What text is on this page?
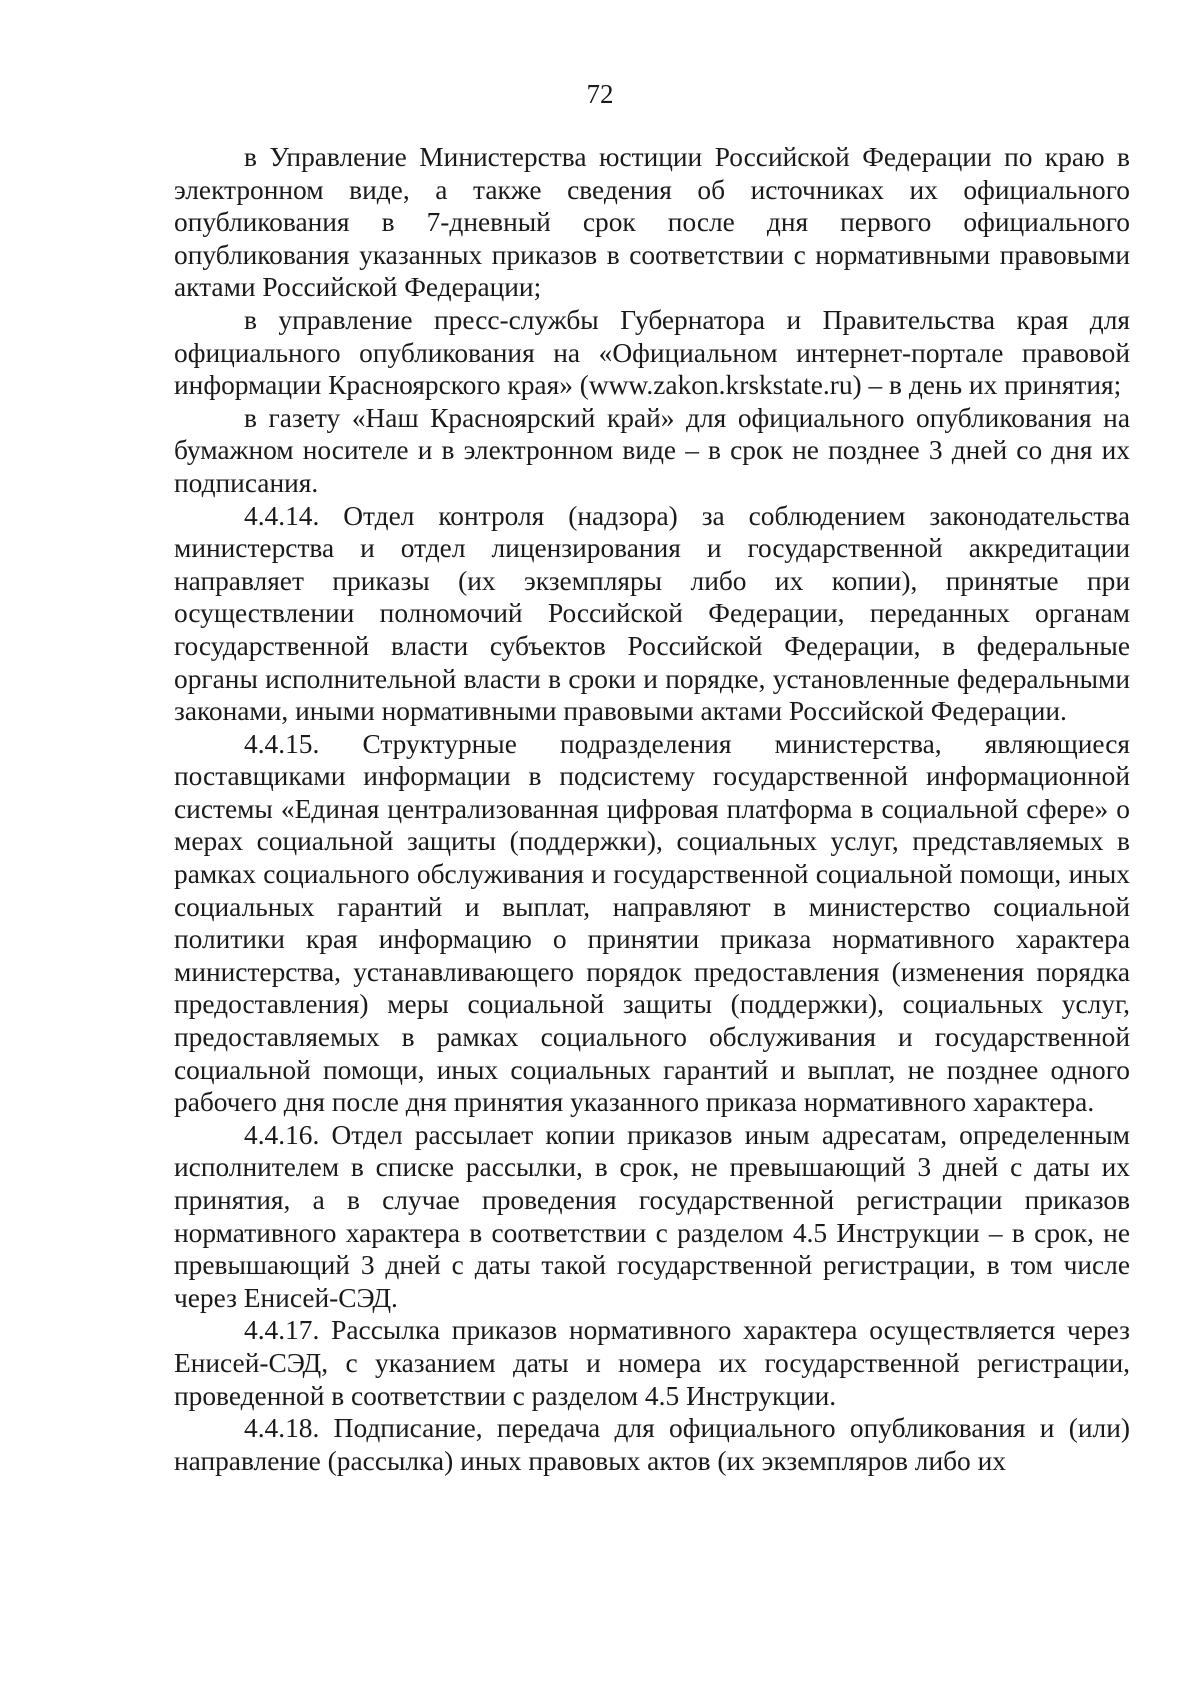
72

в Управление Министерства юстиции Российской Федерации по краю в электронном виде, а также сведения об источниках их официального опубликования в 7-дневный срок после дня первого официального опубликования указанных приказов в соответствии с нормативными правовыми актами Российской Федерации;

в управление пресс-службы Губернатора и Правительства края для официального опубликования на «Официальном интернет-портале правовой информации Красноярского края» (www.zakon.krskstate.ru) – в день их принятия;

в газету «Наш Красноярский край» для официального опубликования на бумажном носителе и в электронном виде – в срок не позднее 3 дней со дня их подписания.

4.4.14. Отдел контроля (надзора) за соблюдением законодательства министерства и отдел лицензирования и государственной аккредитации направляет приказы (их экземпляры либо их копии), принятые при осуществлении полномочий Российской Федерации, переданных органам государственной власти субъектов Российской Федерации, в федеральные органы исполнительной власти в сроки и порядке, установленные федеральными законами, иными нормативными правовыми актами Российской Федерации.

4.4.15. Структурные подразделения министерства, являющиеся поставщиками информации в подсистему государственной информационной системы «Единая централизованная цифровая платформа в социальной сфере» о мерах социальной защиты (поддержки), социальных услуг, представляемых в рамках социального обслуживания и государственной социальной помощи, иных социальных гарантий и выплат, направляют в министерство социальной политики края информацию о принятии приказа нормативного характера министерства, устанавливающего порядок предоставления (изменения порядка предоставления) меры социальной защиты (поддержки), социальных услуг, предоставляемых в рамках социального обслуживания и государственной социальной помощи, иных социальных гарантий и выплат, не позднее одного рабочего дня после дня принятия указанного приказа нормативного характера.

4.4.16. Отдел рассылает копии приказов иным адресатам, определенным исполнителем в списке рассылки, в срок, не превышающий 3 дней с даты их принятия, а в случае проведения государственной регистрации приказов нормативного характера в соответствии с разделом 4.5 Инструкции – в срок, не превышающий 3 дней с даты такой государственной регистрации, в том числе через Енисей-СЭД.

4.4.17. Рассылка приказов нормативного характера осуществляется через Енисей-СЭД, с указанием даты и номера их государственной регистрации, проведенной в соответствии с разделом 4.5 Инструкции.

4.4.18. Подписание, передача для официального опубликования и (или) направление (рассылка) иных правовых актов (их экземпляров либо их
